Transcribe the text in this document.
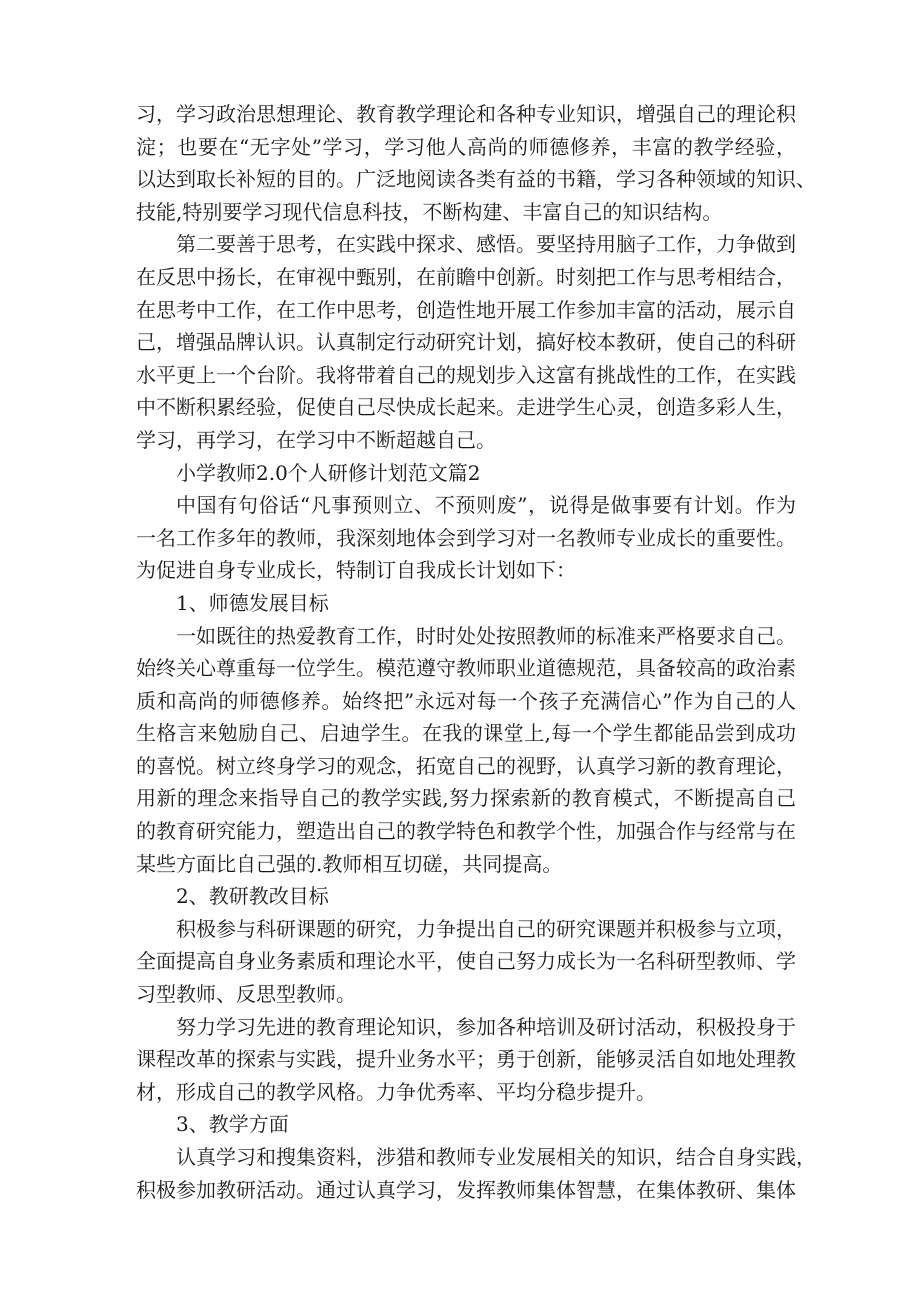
习，学习政治思想理论、教育教学理论和各种专业知识，增强自己的理论积
淀；也要在“无字处”学习，学习他人高尚的师德修养，丰富的教学经验，
以达到取长补短的目的。广泛地阅读各类有益的书籍，学习各种领域的知识、
技能,特别要学习现代信息科技，不断构建、丰富自己的知识结构。
第二要善于思考，在实践中探求、感悟。要坚持用脑子工作，力争做到
在反思中扬长，在审视中甄别，在前瞻中创新。时刻把工作与思考相结合，
在思考中工作，在工作中思考，创造性地开展工作参加丰富的活动，展示自
己，增强品牌认识。认真制定行动研究计划，搞好校本教研，使自己的科研
水平更上一个台阶。我将带着自己的规划步入这富有挑战性的工作，在实践
中不断积累经验，促使自己尽快成长起来。走进学生心灵，创造多彩人生，
学习，再学习，在学习中不断超越自己。
小学教师2.0个人研修计划范文篇2
中国有句俗话“凡事预则立、不预则废”，说得是做事要有计划。作为
一名工作多年的教师，我深刻地体会到学习对一名教师专业成长的重要性。
为促进自身专业成长，特制订自我成长计划如下：
1、师德发展目标
一如既往的热爱教育工作，时时处处按照教师的标准来严格要求自己。
始终关心尊重每一位学生。模范遵守教师职业道德规范，具备较高的政治素
质和高尚的师德修养。始终把”永远对每一个孩子充满信心”作为自己的人
生格言来勉励自己、启迪学生。在我的课堂上,每一个学生都能品尝到成功
的喜悦。树立终身学习的观念，拓宽自己的视野，认真学习新的教育理论，
用新的理念来指导自己的教学实践,努力探索新的教育模式，不断提高自己
的教育研究能力，塑造出自己的教学特色和教学个性，加强合作与经常与在
某些方面比自己强的.教师相互切磋，共同提高。
2、教研教改目标
积极参与科研课题的研究，力争提出自己的研究课题并积极参与立项，
全面提高自身业务素质和理论水平，使自己努力成长为一名科研型教师、学
习型教师、反思型教师。
努力学习先进的教育理论知识，参加各种培训及研讨活动，积极投身于
课程改革的探索与实践，提升业务水平；勇于创新，能够灵活自如地处理教
材，形成自己的教学风格。力争优秀率、平均分稳步提升。
3、教学方面
认真学习和搜集资料，涉猎和教师专业发展相关的知识，结合自身实践，
积极参加教研活动。通过认真学习，发挥教师集体智慧，在集体教研、集体
